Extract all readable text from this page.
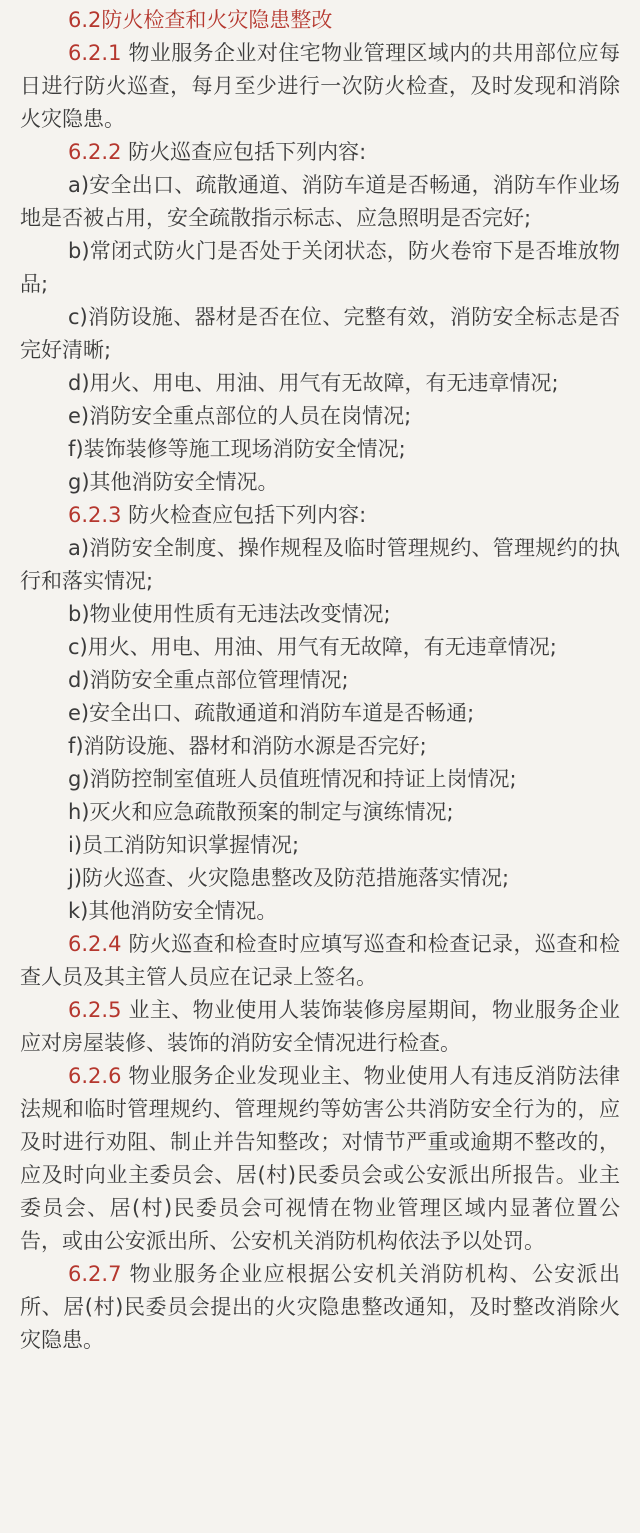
6.2防火检查和火灾隐患整改

6.2.1 物业服务企业对住宅物业管理区域内的共用部位应每日进行防火巡查，每月至少进行一次防火检查，及时发现和消除火灾隐患。

6.2.2 防火巡查应包括下列内容:

a)安全出口、疏散通道、消防车道是否畅通，消防车作业场地是否被占用，安全疏散指示标志、应急照明是否完好;

b)常闭式防火门是否处于关闭状态，防火卷帘下是否堆放物品;

c)消防设施、器材是否在位、完整有效，消防安全标志是否完好清晰;

d)用火、用电、用油、用气有无故障，有无违章情况;

e)消防安全重点部位的人员在岗情况;

f)装饰装修等施工现场消防安全情况;

g)其他消防安全情况。

6.2.3 防火检查应包括下列内容:

a)消防安全制度、操作规程及临时管理规约、管理规约的执行和落实情况;

b)物业使用性质有无违法改变情况;

c)用火、用电、用油、用气有无故障，有无违章情况;

d)消防安全重点部位管理情况;

e)安全出口、疏散通道和消防车道是否畅通;

f)消防设施、器材和消防水源是否完好;

g)消防控制室值班人员值班情况和持证上岗情况;

h)灭火和应急疏散预案的制定与演练情况;

i)员工消防知识掌握情况;

j)防火巡查、火灾隐患整改及防范措施落实情况;

k)其他消防安全情况。

6.2.4 防火巡查和检查时应填写巡查和检查记录，巡查和检查人员及其主管人员应在记录上签名。

6.2.5 业主、物业使用人装饰装修房屋期间，物业服务企业应对房屋装修、装饰的消防安全情况进行检查。

6.2.6 物业服务企业发现业主、物业使用人有违反消防法律法规和临时管理规约、管理规约等妨害公共消防安全行为的，应及时进行劝阻、制止并告知整改；对情节严重或逾期不整改的，应及时向业主委员会、居(村)民委员会或公安派出所报告。业主委员会、居(村)民委员会可视情在物业管理区域内显著位置公告，或由公安派出所、公安机关消防机构依法予以处罚。

6.2.7 物业服务企业应根据公安机关消防机构、公安派出所、居(村)民委员会提出的火灾隐患整改通知，及时整改消除火灾隐患。
